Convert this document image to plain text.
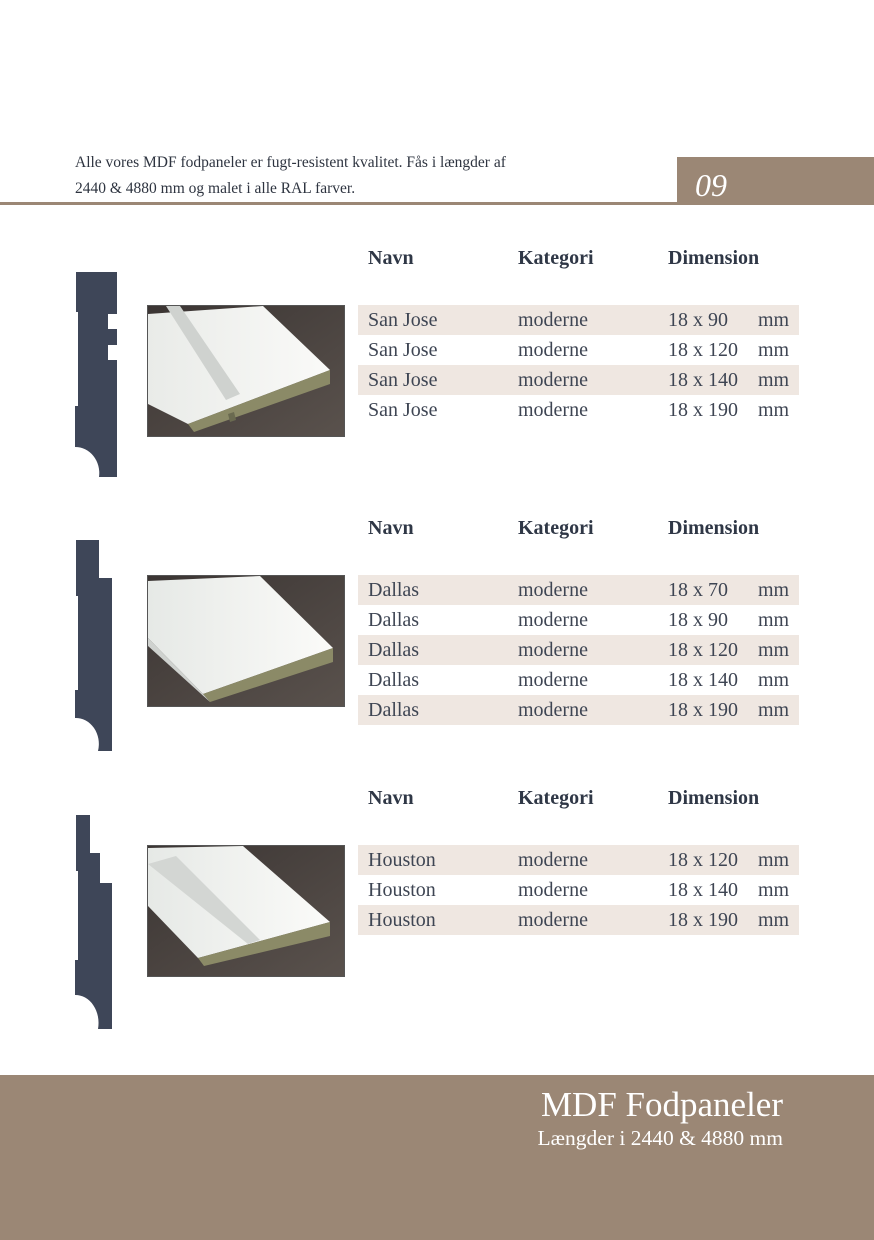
Alle vores MDF fodpaneler er fugt-resistent kvalitet. Fås i længder af
2440 & 4880 mm og malet i alle RAL farver.	09
Navn	Kategori	Dimension
San Jose	moderne	18 x 90 mm
San Jose	moderne	18 x 120 mm
San Jose	moderne	18 x 140 mm
San Jose	moderne	18 x 190 mm
Navn	Kategori	Dimension
Dallas	moderne	18 x 70 mm
Dallas	moderne	18 x 90 mm
Dallas	moderne	18 x 120 mm
Dallas	moderne	18 x 140 mm
Dallas	moderne	18 x 190 mm
Navn	Kategori	Dimension
Houston	moderne	18 x 120 mm
Houston	moderne	18 x 140 mm
Houston	moderne	18 x 190 mm
MDF Fodpaneler
Længder i 2440 & 4880 mm
